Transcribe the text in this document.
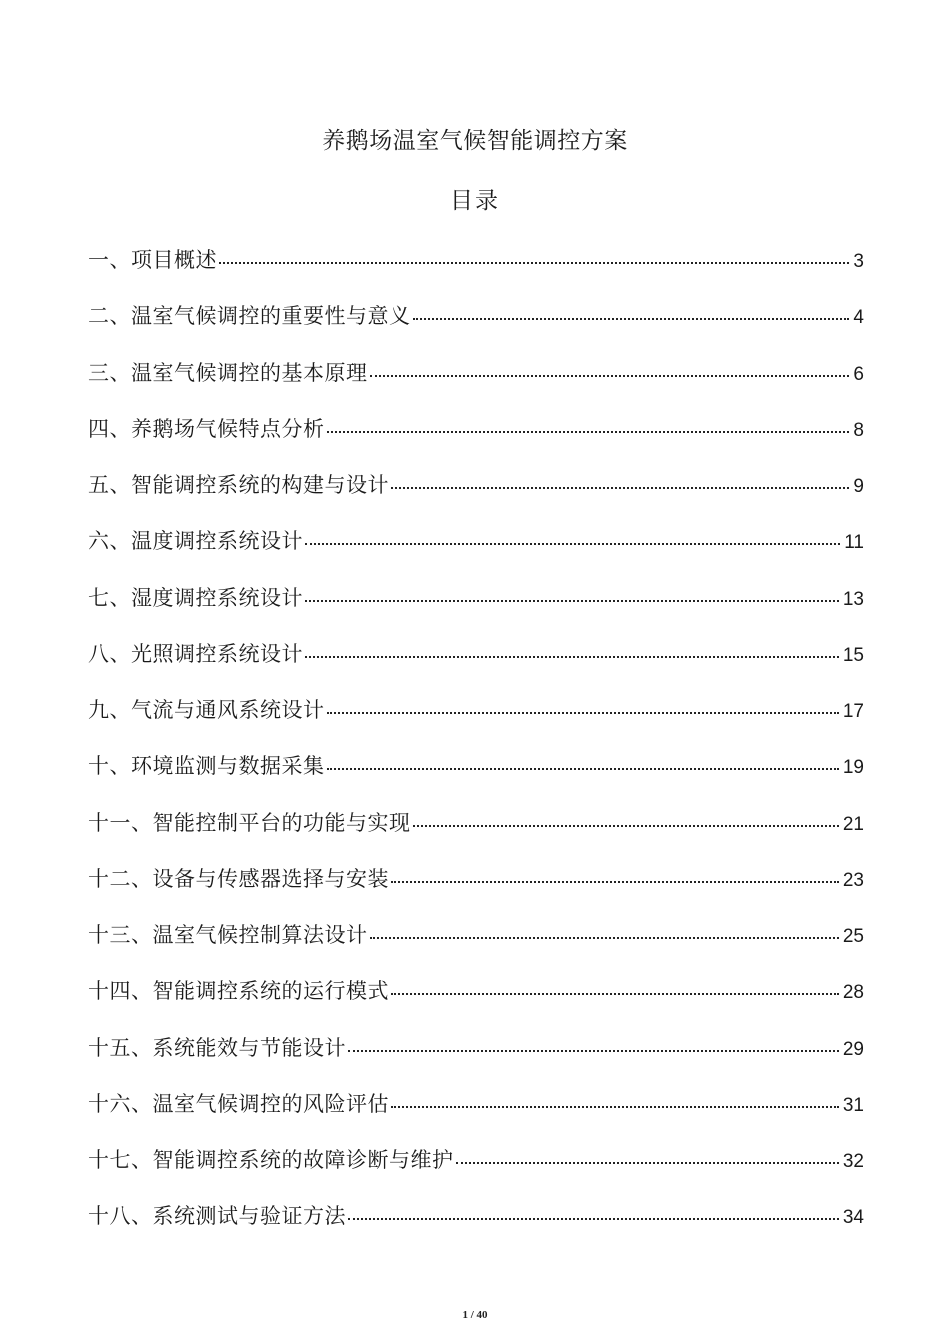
养鹅场温室气候智能调控方案
目录
一、项目概述	3
二、温室气候调控的重要性与意义	4
三、温室气候调控的基本原理	6
四、养鹅场气候特点分析	8
五、智能调控系统的构建与设计	9
六、温度调控系统设计	11
七、湿度调控系统设计	13
八、光照调控系统设计	15
九、气流与通风系统设计	17
十、环境监测与数据采集	19
十一、智能控制平台的功能与实现	21
十二、设备与传感器选择与安装	23
十三、温室气候控制算法设计	25
十四、智能调控系统的运行模式	28
十五、系统能效与节能设计	29
十六、温室气候调控的风险评估	31
十七、智能调控系统的故障诊断与维护	32
十八、系统测试与验证方法	34
1 / 40
